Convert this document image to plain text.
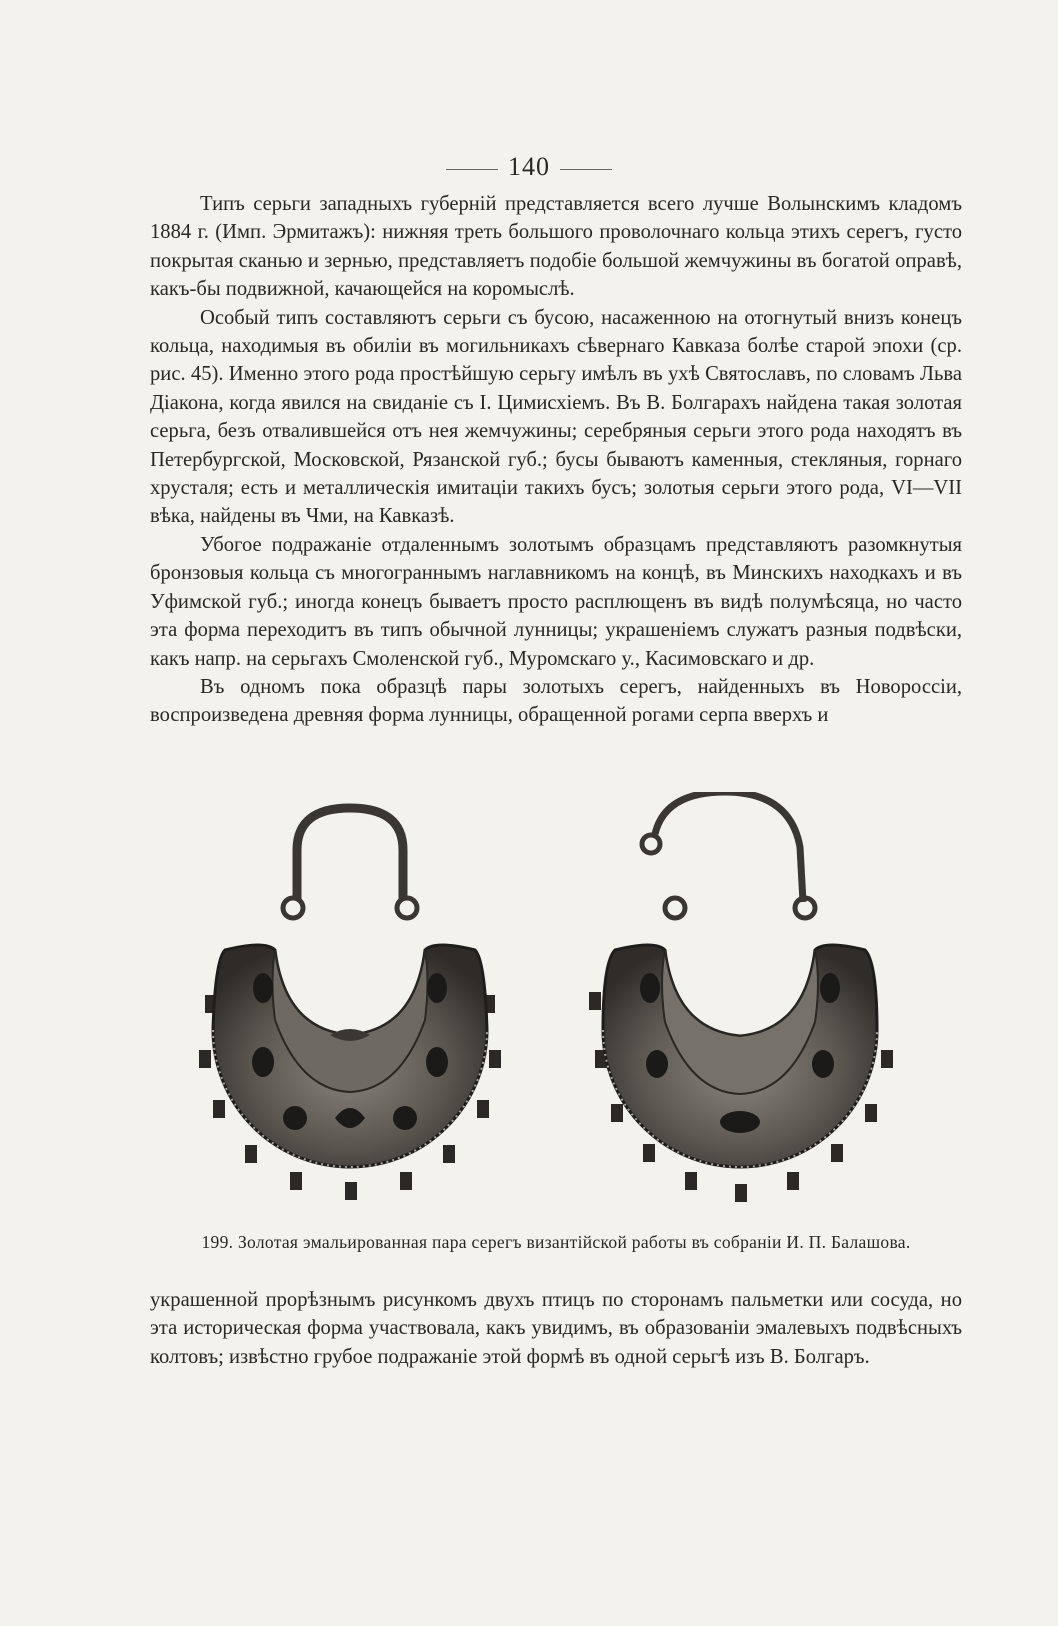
140

Типъ серьги западныхъ губерній представляется всего лучше Волынскимъ кладомъ 1884 г. (Имп. Эрмитажъ): нижняя треть большого проволочнаго кольца этихъ серегъ, густо покрытая сканью и зернью, представляетъ подобіе большой жемчужины въ богатой оправѣ, какъ-бы подвижной, качающейся на коромыслѣ.

Особый типъ составляютъ серьги съ бусою, насаженною на отогнутый внизъ конецъ кольца, находимыя въ обиліи въ могильникахъ сѣвернаго Кавказа болѣе старой эпохи (ср. рис. 45). Именно этого рода простѣйшую серьгу имѣлъ въ ухѣ Святославъ, по словамъ Льва Діакона, когда явился на свиданіе съ І. Цимисхіемъ. Въ В. Болгарахъ найдена такая золотая серьга, безъ отвалившейся отъ нея жемчужины; серебряныя серьги этого рода находятъ въ Петербургской, Московской, Рязанской губ.; бусы бываютъ каменныя, стекляныя, горнаго хрусталя; есть и металлическія имитаціи такихъ бусъ; золотыя серьги этого рода, VI—VII вѣка, найдены въ Чми, на Кавказѣ.

Убогое подражаніе отдаленнымъ золотымъ образцамъ представляютъ разомкнутыя бронзовыя кольца съ многограннымъ наглавникомъ на концѣ, въ Минскихъ находкахъ и въ Уфимской губ.; иногда конецъ бываетъ просто расплющенъ въ видѣ полумѣсяца, но часто эта форма переходитъ въ типъ обычной лунницы; украшеніемъ служатъ разныя подвѣски, какъ напр. на серьгахъ Смоленской губ., Муромскаго у., Касимовскаго и др.

Въ одномъ пока образцѣ пары золотыхъ серегъ, найденныхъ въ Новороссіи, воспроизведена древняя форма лунницы, обращенной рогами серпа вверхъ и

199. Золотая эмальированная пара серегъ византійской работы въ собраніи И. П. Балашова.

украшенной прорѣзнымъ рисункомъ двухъ птицъ по сторонамъ пальметки или сосуда, но эта историческая форма участвовала, какъ увидимъ, въ образованіи эмалевыхъ подвѣсныхъ колтовъ; извѣстно грубое подражаніе этой формѣ въ одной серьгѣ изъ В. Болгаръ.
